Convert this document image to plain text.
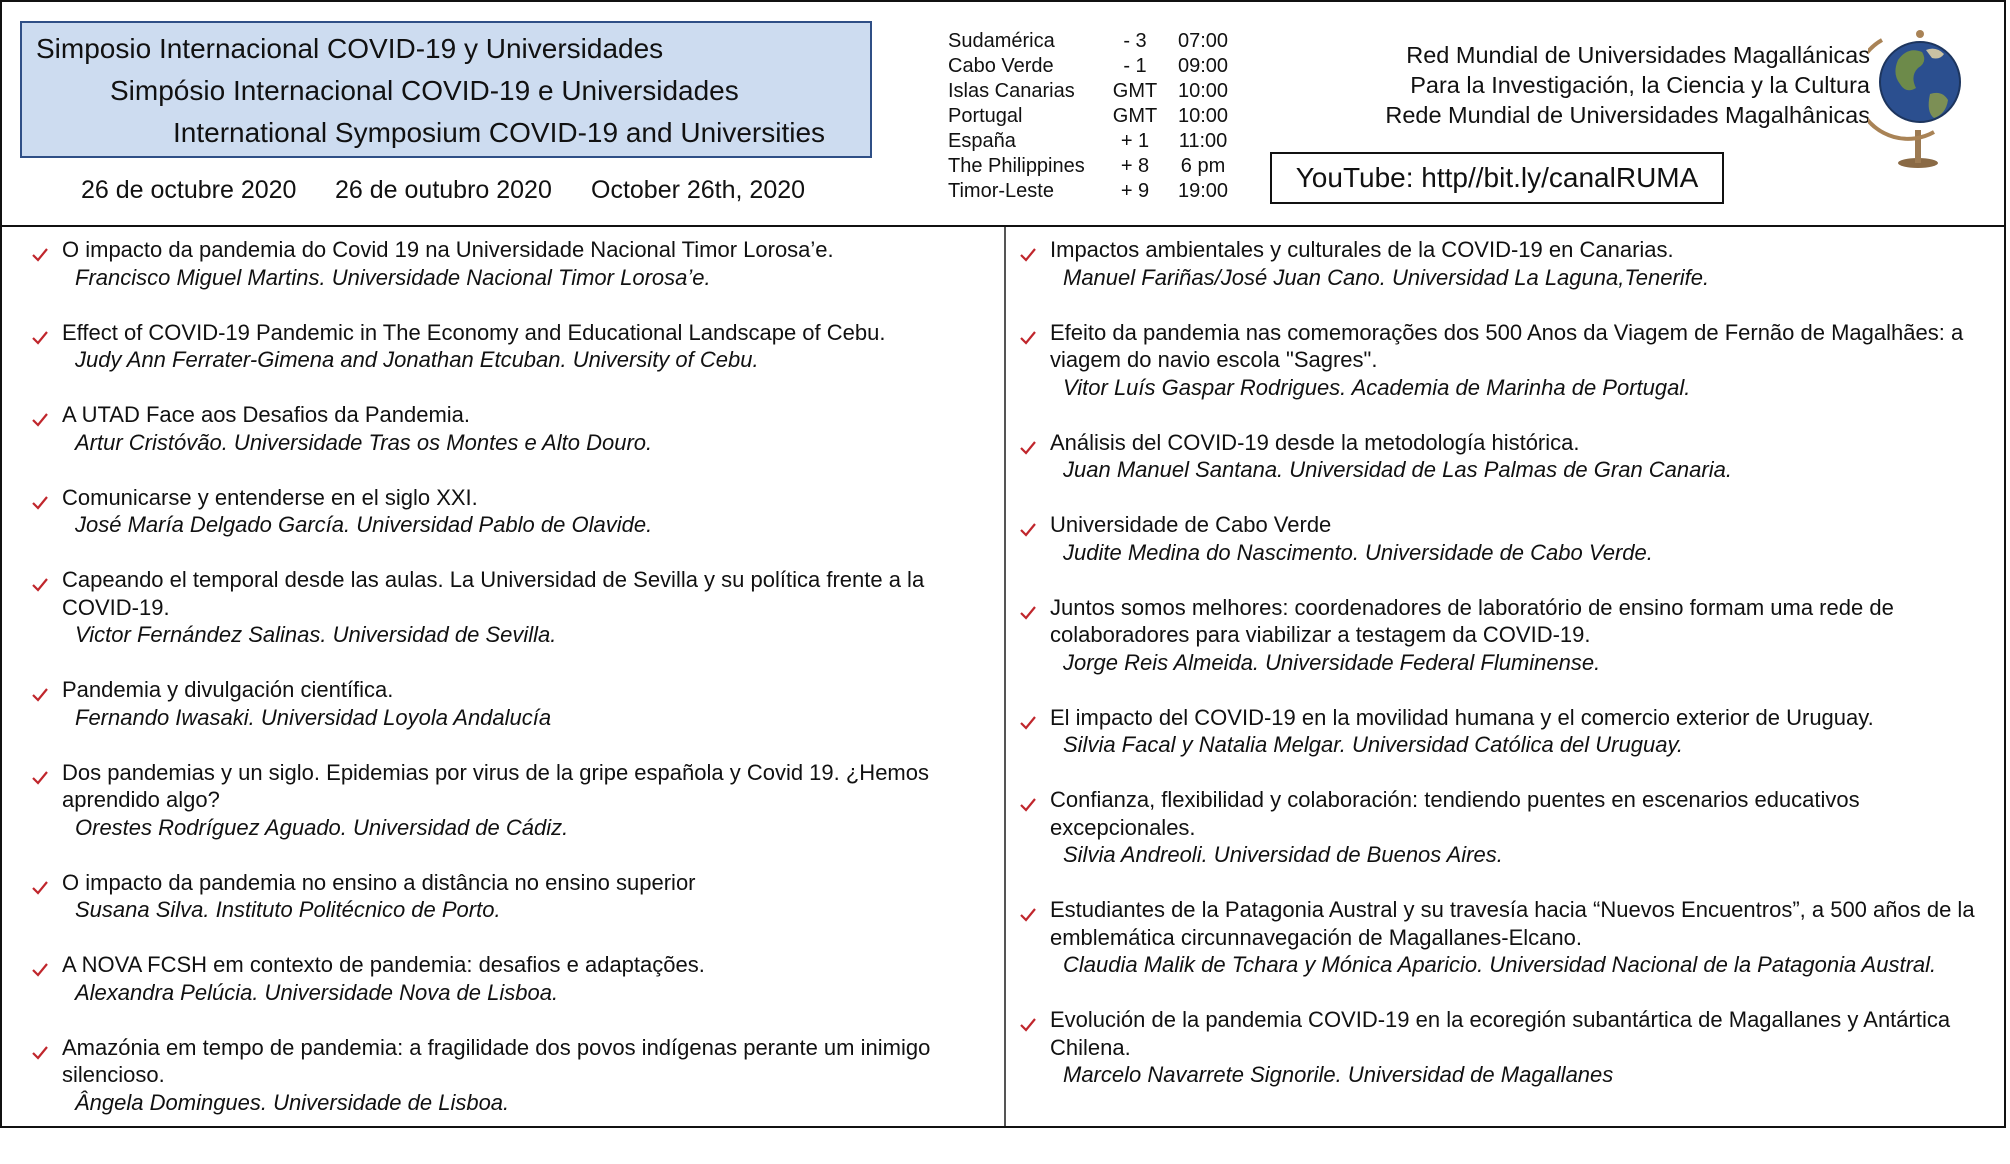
Simposio Internacional COVID-19 y Universidades
Simpósio Internacional COVID-19 e Universidades
International Symposium COVID-19 and Universities
26 de octubre 2020 26 de outubro 2020 October 26th, 2020
Sudamérica	- 3	07:00
Cabo Verde	- 1	09:00
Islas Canarias	GMT	10:00
Portugal	GMT	10:00
España	+ 1	11:00
The Philippines	+ 8	6 pm
Timor-Leste	+ 9	19:00
Red Mundial de Universidades Magallánicas
Para la Investigación, la Ciencia y la Cultura
Rede Mundial de Universidades Magalhânicas
YouTube: http//bit.ly/canalRUMA
O impacto da pandemia do Covid 19 na Universidade Nacional Timor Lorosa’e.
Francisco Miguel Martins. Universidade Nacional Timor Lorosa’e.
Effect of COVID-19 Pandemic in The Economy and Educational Landscape of Cebu.
Judy Ann Ferrater-Gimena and Jonathan Etcuban. University of Cebu.
A UTAD Face aos Desafios da Pandemia.
Artur Cristóvão. Universidade Tras os Montes e Alto Douro.
Comunicarse y entenderse en el siglo XXI.
José María Delgado García. Universidad Pablo de Olavide.
Capeando el temporal desde las aulas. La Universidad de Sevilla y su política frente a la COVID-19.
Victor Fernández Salinas. Universidad de Sevilla.
Pandemia y divulgación científica.
Fernando Iwasaki. Universidad Loyola Andalucía
Dos pandemias y un siglo. Epidemias por virus de la gripe española y Covid 19. ¿Hemos aprendido algo?
Orestes Rodríguez Aguado. Universidad de Cádiz.
O impacto da pandemia no ensino a distância no ensino superior
Susana Silva. Instituto Politécnico de Porto.
A NOVA FCSH em contexto de pandemia: desafios e adaptações.
Alexandra Pelúcia. Universidade Nova de Lisboa.
Amazónia em tempo de pandemia: a fragilidade dos povos indígenas perante um inimigo silencioso.
Ângela Domingues. Universidade de Lisboa.
Impactos ambientales y culturales de la COVID-19 en Canarias.
Manuel Fariñas/José Juan Cano. Universidad La Laguna,Tenerife.
Efeito da pandemia nas comemorações dos 500 Anos da Viagem de Fernão de Magalhães: a viagem do navio escola "Sagres".
Vitor Luís Gaspar Rodrigues. Academia de Marinha de Portugal.
Análisis del COVID-19 desde la metodología histórica.
Juan Manuel Santana. Universidad de Las Palmas de Gran Canaria.
Universidade de Cabo Verde
Judite Medina do Nascimento. Universidade de Cabo Verde.
Juntos somos melhores: coordenadores de laboratório de ensino formam uma rede de colaboradores para viabilizar a testagem da COVID-19.
Jorge Reis Almeida. Universidade Federal Fluminense.
El impacto del COVID-19 en la movilidad humana y el comercio exterior de Uruguay.
Silvia Facal y Natalia Melgar. Universidad Católica del Uruguay.
Confianza, flexibilidad y colaboración: tendiendo puentes en escenarios educativos excepcionales.
Silvia Andreoli. Universidad de Buenos Aires.
Estudiantes de la Patagonia Austral y su travesía hacia “Nuevos Encuentros”, a 500 años de la emblemática circunnavegación de Magallanes-Elcano.
Claudia Malik de Tchara y Mónica Aparicio. Universidad Nacional de la Patagonia Austral.
Evolución de la pandemia COVID-19 en la ecoregión subantártica de Magallanes y Antártica Chilena.
Marcelo Navarrete Signorile. Universidad de Magallanes
